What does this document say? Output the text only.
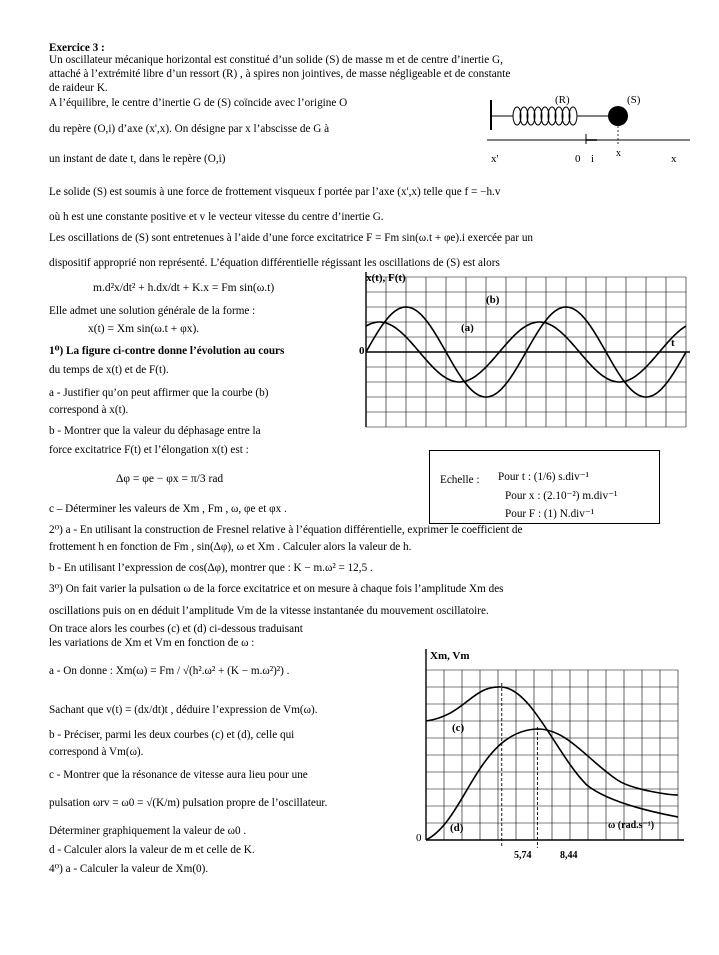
Exercice 3 :
Un oscillateur mécanique horizontal est constitué d’un solide (S) de masse m et de centre d’inertie G,
attaché à l’extrémité libre d’un ressort (R) , à spires non jointives, de masse négligeable et de constante
de raideur K.
A l’équilibre, le centre d’inertie G de (S) coïncide avec l’origine O
du repère (O,i) d’axe (x',x). On désigne par x l’abscisse de G à
un instant de date t, dans le repère (O,i)
(R)	(S)
x'	0 i x	x
Le solide (S) est soumis à une force de frottement visqueux f portée par l’axe (x',x) telle que f = −h.v
où h est une constante positive et v le vecteur vitesse du centre d’inertie G.
Les oscillations de (S) sont entretenues à l’aide d’une force excitatrice F = Fm sin(ω.t + φe).i exercée par un
dispositif approprié non représenté. L’équation différentielle régissant les oscillations de (S) est alors
m.d²x/dt² + h.dx/dt + K.x = Fm sin(ω.t)
Elle admet une solution générale de la forme :
x(t) = Xm sin(ω.t + φx).
1⁰) La figure ci-contre donne l’évolution au cours
du temps de x(t) et de F(t).
a - Justifier qu’on peut affirmer que la courbe (b)
correspond à x(t).
b - Montrer que la valeur du déphasage entre la
force excitatrice F(t) et l’élongation x(t) est :
Δφ = φe − φx = π/3 rad
c – Déterminer les valeurs de Xm , Fm , ω, φe et φx .
2⁰) a - En utilisant la construction de Fresnel relative à l’équation différentielle, exprimer le coefficient de
frottement h en fonction de Fm , sin(Δφ), ω et Xm . Calculer alors la valeur de h.
b - En utilisant l’expression de cos(Δφ), montrer que : K − m.ω² = 12,5 .
3⁰) On fait varier la pulsation ω de la force excitatrice et on mesure à chaque fois l’amplitude Xm des
oscillations puis on en déduit l’amplitude Vm de la vitesse instantanée du mouvement oscillatoire.
On trace alors les courbes (c) et (d) ci-dessous traduisant
les variations de Xm et Vm en fonction de ω :
a - On donne : Xm(ω) = Fm / √(h².ω² + (K − m.ω²)²) .
Sachant que v(t) = (dx/dt)t , déduire l’expression de Vm(ω).
b - Préciser, parmi les deux courbes (c) et (d), celle qui
correspond à Vm(ω).
c - Montrer que la résonance de vitesse aura lieu pour une
pulsation ωrv = ω0 = √(K/m) pulsation propre de l’oscillateur.
Déterminer graphiquement la valeur de ω0 .
d - Calculer alors la valeur de m et celle de K.
4⁰) a - Calculer la valeur de Xm(0).
x(t), F(t)
t
0
(a)
(b)
Echelle : Pour t : (1/6) s.div⁻¹
Pour x : (2.10⁻²) m.div⁻¹
Pour F : (1) N.div⁻¹
Xm, Vm
ω (rad.s⁻¹)
0
(c)
(d)
5,74	8,44
